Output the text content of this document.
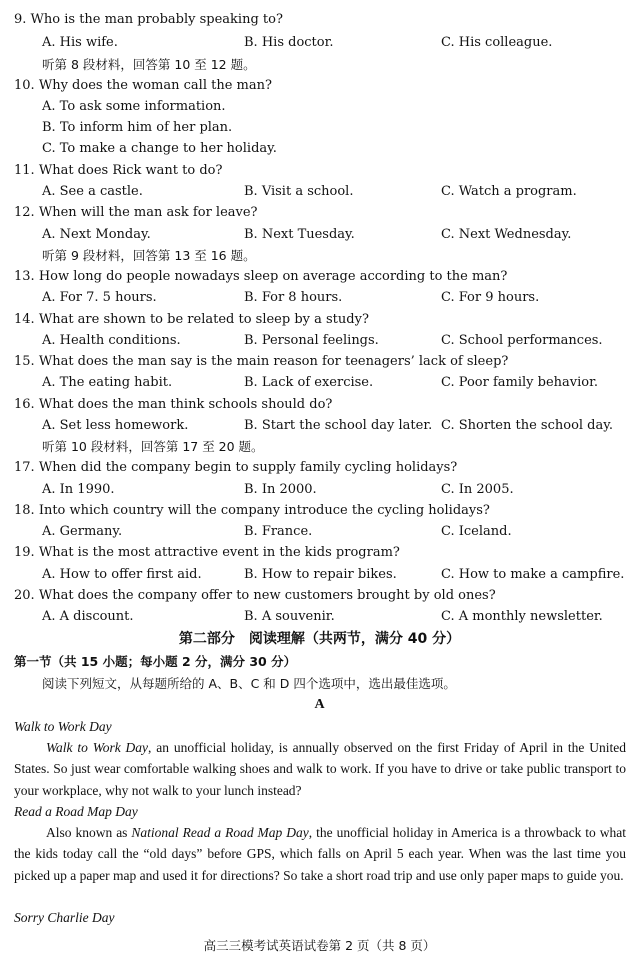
9. Who is the man probably speaking to?
A. His wife.	B. His doctor.	C. His colleague.
听第 8 段材料，回答第 10 至 12 题。
10. Why does the woman call the man?
A. To ask some information.
B. To inform him of her plan.
C. To make a change to her holiday.
11. What does Rick want to do?
A. See a castle.	B. Visit a school.	C. Watch a program.
12. When will the man ask for leave?
A. Next Monday.	B. Next Tuesday.	C. Next Wednesday.
听第 9 段材料，回答第 13 至 16 题。
13. How long do people nowadays sleep on average according to the man?
A. For 7. 5 hours.	B. For 8 hours.	C. For 9 hours.
14. What are shown to be related to sleep by a study?
A. Health conditions.	B. Personal feelings.	C. School performances.
15. What does the man say is the main reason for teenagers’ lack of sleep?
A. The eating habit.	B. Lack of exercise.	C. Poor family behavior.
16. What does the man think schools should do?
A. Set less homework.	B. Start the school day later. C. Shorten the school day.
听第 10 段材料，回答第 17 至 20 题。
17. When did the company begin to supply family cycling holidays?
A. In 1990.	B. In 2000.	C. In 2005.
18. Into which country will the company introduce the cycling holidays?
A. Germany.	B. France.	C. Iceland.
19. What is the most attractive event in the kids program?
A. How to offer first aid.	B. How to repair bikes.	C. How to make a campfire.
20. What does the company offer to new customers brought by old ones?
A. A discount.	B. A souvenir.	C. A monthly newsletter.
第二部分　阅读理解（共两节，满分 40 分）
第一节（共 15 小题；每小题 2 分，满分 30 分）
阅读下列短文，从每题所给的 A、B、C 和 D 四个选项中，选出最佳选项。
A
Walk to Work Day
Walk to Work Day, an unofficial holiday, is annually observed on the first Friday of April in the United States. So just wear comfortable walking shoes and walk to work. If you have to drive or take public transport to your workplace, why not walk to your lunch instead?
Read a Road Map Day
Also known as National Read a Road Map Day, the unofficial holiday in America is a throwback to what the kids today call the “old days” before GPS, which falls on April 5 each year. When was the last time you picked up a paper map and used it for directions? So take a short road trip and use only paper maps to guide you.
Sorry Charlie Day
高三三模考试英语试卷第 2 页（共 8 页）
